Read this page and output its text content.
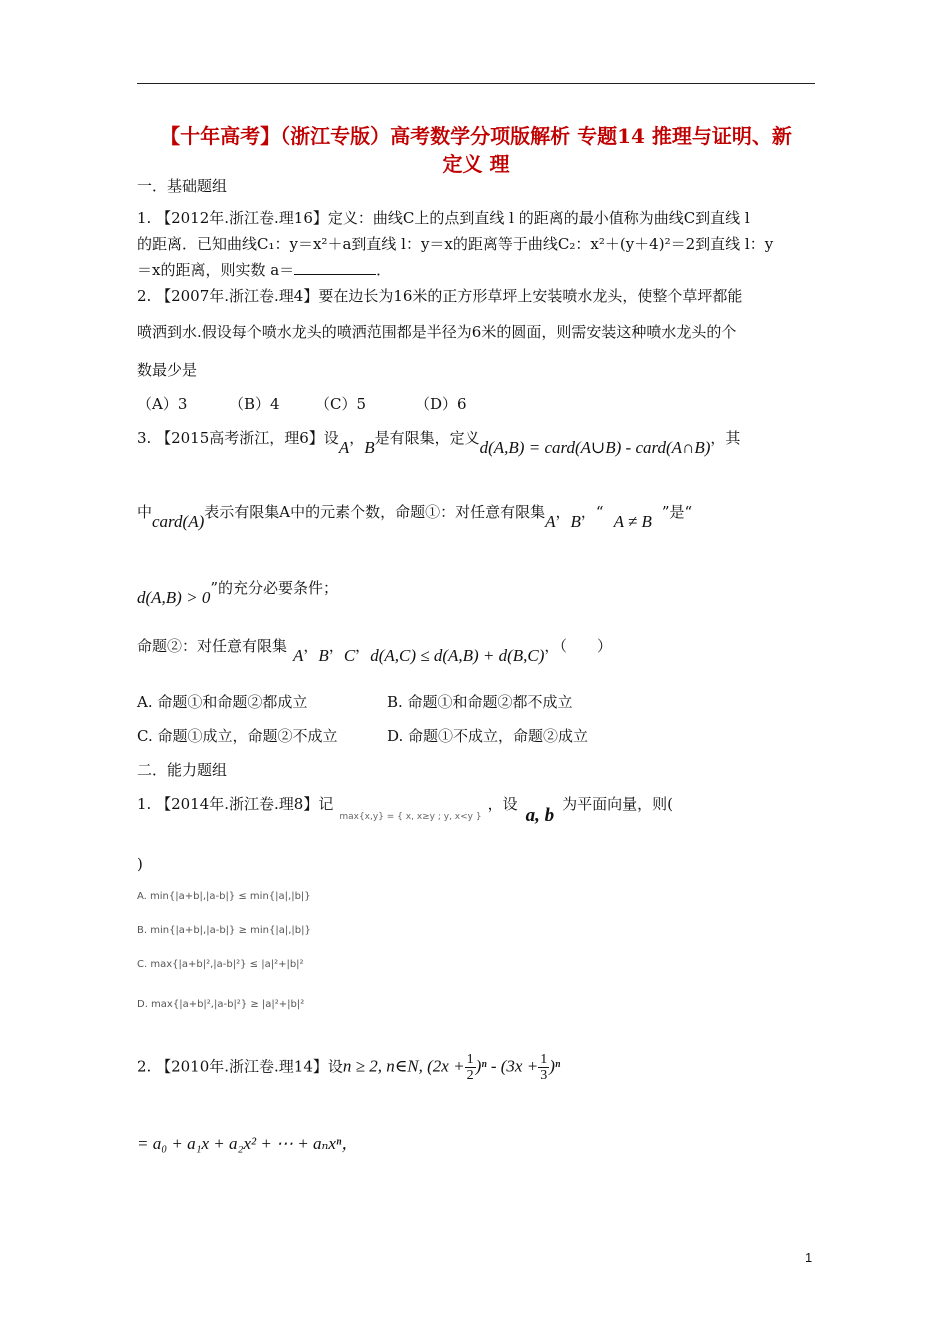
【十年高考】（浙江专版）高考数学分项版解析 专题14 推理与证明、新
定义 理
一．基础题组
1. 【2012年.浙江卷.理16】定义：曲线C上的点到直线 l 的距离的最小值称为曲线C到直线 l
的距离．已知曲线C₁：y＝x²＋a到直线 l：y＝x的距离等于曲线C₂：x²＋(y＋4)²＝2到直线 l：y
＝x的距离，则实数 a＝	．
2. 【2007年.浙江卷.理4】要在边长为16米的正方形草坪上安装喷水龙头，使整个草坪都能
喷洒到水.假设每个喷水龙头的喷洒范围都是半径为6米的圆面，则需安装这种喷水龙头的个
数最少是
（A）3	（B）4 （C）5	（D）6
3. 【2015高考浙江，理6】设A，B是有限集，定义d(A,B) = card(A∪B) - card(A∩B)，其
中card(A)表示有限集A中的元素个数，命题①：对任意有限集A，B，“ A ≠ B ”是“
d(A,B) > 0”的充分必要条件；
命题②：对任意有限集 A，B，C，d(A,C) ≤ d(A,B) + d(B,C)，（　　）
A. 命题①和命题②都成立	B. 命题①和命题②都不成立
C. 命题①成立，命题②不成立	D. 命题①不成立，命题②成立
二．能力题组
1. 【2014年.浙江卷.理8】记$_{max\{x,y\} = \{ x, x\ge y ; y, x<y \}}$，设a, b为平面向量，则(
)
A. min{|a+b|,|a-b|} ≤ min{|a|,|b|}
B. min{|a+b|,|a-b|} ≥ min{|a|,|b|}
C. max{|a+b|²,|a-b|²} ≤ |a|²+|b|²
D. max{|a+b|²,|a-b|²} ≥ |a|²+|b|²
2. 【2010年.浙江卷.理14】设n ≥ 2, n∈N, $(2x + \frac{1}{2} )^n - (3x + \frac{1}{3} )^n$
= a₀ + a₁x + a₂x² + ⋯ + aₙxⁿ，
1
